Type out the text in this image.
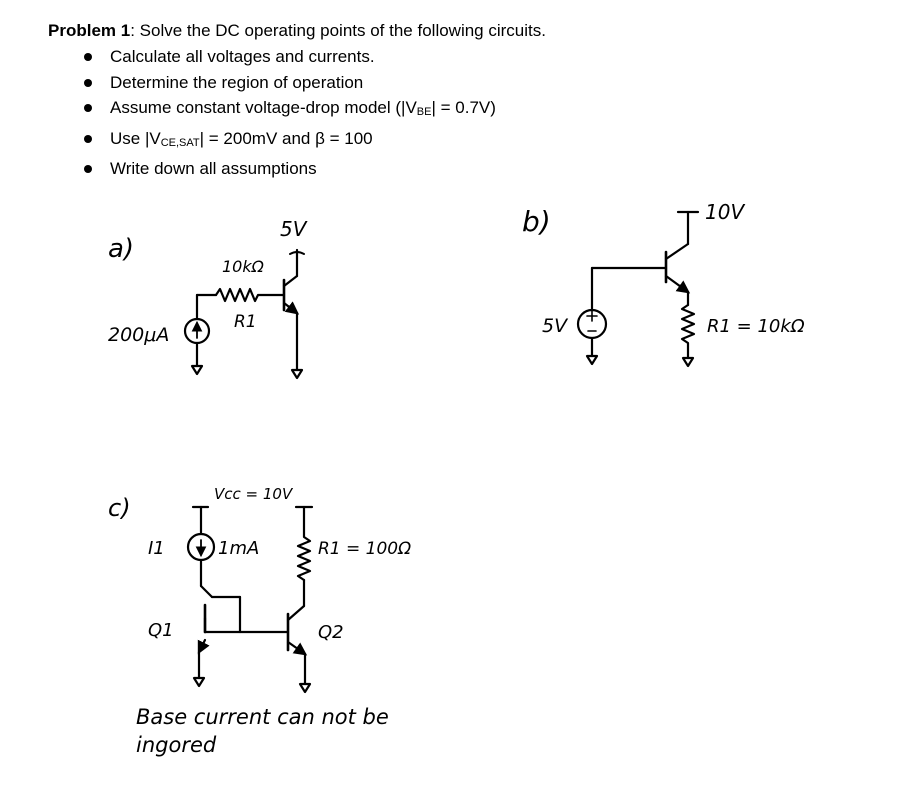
Problem 1: Solve the DC operating points of the following circuits.

Calculate all voltages and currents.
Determine the region of operation
Assume constant voltage-drop model $(|V_{BE}| = 0.7V)$
Use $|V_{CE,SAT}| = 200mV$ and β = 100
Write down all assumptions
a)
200μA
10kΩ
R1
5V	b)
5V
10V
R1 = 10kΩ
c)	Vcc = 10V
I1	1mA	R1 = 100Ω
Q1	Q2
Base current can not be
ingored
